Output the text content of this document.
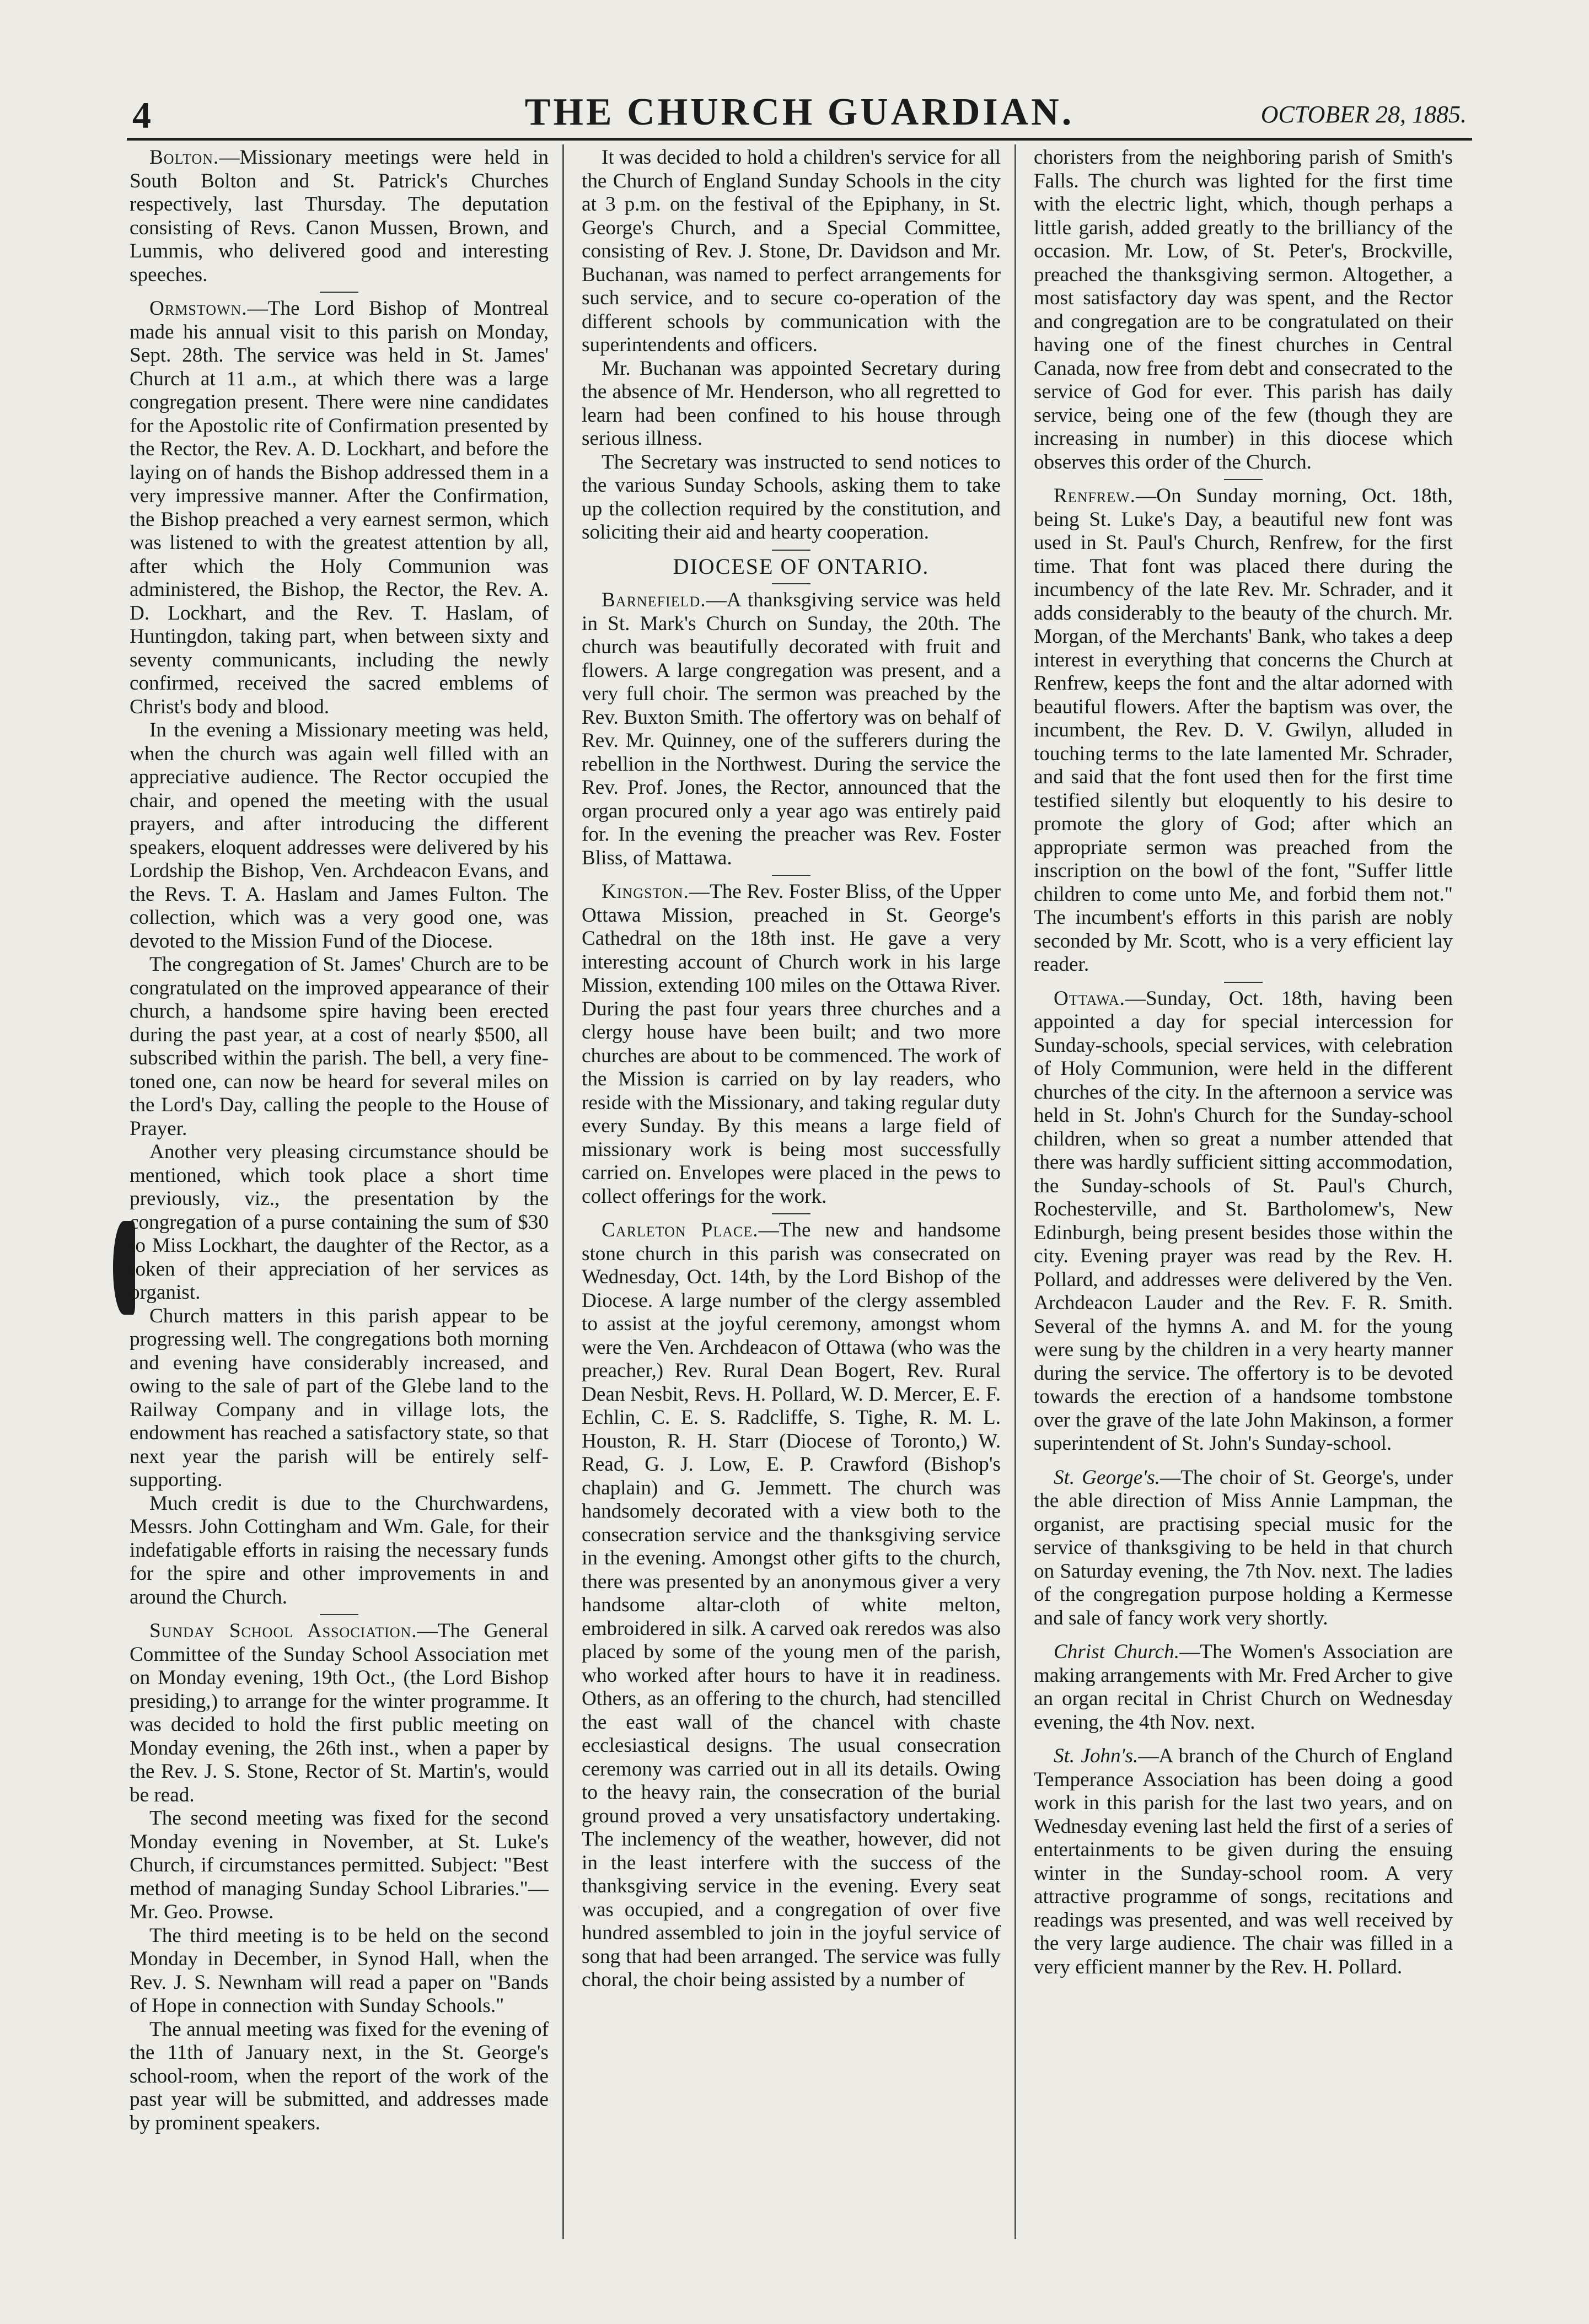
4	THE CHURCH GUARDIAN.	OCTOBER 28, 1885.

Bolton.—Missionary meetings were held in South Bolton and St. Patrick's Churches respectively, last Thursday. The deputation consisting of Revs. Canon Mussen, Brown, and Lummis, who delivered good and interesting speeches.

Ormstown.—The Lord Bishop of Montreal made his annual visit to this parish on Monday, Sept. 28th. The service was held in St. James' Church at 11 a.m., at which there was a large congregation present. There were nine candidates for the Apostolic rite of Confirmation presented by the Rector, the Rev. A. D. Lockhart, and before the laying on of hands the Bishop addressed them in a very impressive manner. After the Confirmation, the Bishop preached a very earnest sermon, which was listened to with the greatest attention by all, after which the Holy Communion was administered, the Bishop, the Rector, the Rev. A. D. Lockhart, and the Rev. T. Haslam, of Huntingdon, taking part, when between sixty and seventy communicants, including the newly confirmed, received the sacred emblems of Christ's body and blood.

In the evening a Missionary meeting was held, when the church was again well filled with an appreciative audience. The Rector occupied the chair, and opened the meeting with the usual prayers, and after introducing the different speakers, eloquent addresses were delivered by his Lordship the Bishop, Ven. Archdeacon Evans, and the Revs. T. A. Haslam and James Fulton. The collection, which was a very good one, was devoted to the Mission Fund of the Diocese.

The congregation of St. James' Church are to be congratulated on the improved appearance of their church, a handsome spire having been erected during the past year, at a cost of nearly $500, all subscribed within the parish. The bell, a very fine-toned one, can now be heard for several miles on the Lord's Day, calling the people to the House of Prayer.

Another very pleasing circumstance should be mentioned, which took place a short time previously, viz., the presentation by the congregation of a purse containing the sum of $30 to Miss Lockhart, the daughter of the Rector, as a token of their appreciation of her services as organist.

Church matters in this parish appear to be progressing well. The congregations both morning and evening have considerably increased, and owing to the sale of part of the Glebe land to the Railway Company and in village lots, the endowment has reached a satisfactory state, so that next year the parish will be entirely self-supporting.

Much credit is due to the Churchwardens, Messrs. John Cottingham and Wm. Gale, for their indefatigable efforts in raising the necessary funds for the spire and other improvements in and around the Church.

Sunday School Association.—The General Committee of the Sunday School Association met on Monday evening, 19th Oct., (the Lord Bishop presiding,) to arrange for the winter programme. It was decided to hold the first public meeting on Monday evening, the 26th inst., when a paper by the Rev. J. S. Stone, Rector of St. Martin's, would be read.

The second meeting was fixed for the second Monday evening in November, at St. Luke's Church, if circumstances permitted. Subject: "Best method of managing Sunday School Libraries."—Mr. Geo. Prowse.

The third meeting is to be held on the second Monday in December, in Synod Hall, when the Rev. J. S. Newnham will read a paper on "Bands of Hope in connection with Sunday Schools."

The annual meeting was fixed for the evening of the 11th of January next, in the St. George's school-room, when the report of the work of the past year will be submitted, and addresses made by prominent speakers.

It was decided to hold a children's service for all the Church of England Sunday Schools in the city at 3 p.m. on the festival of the Epiphany, in St. George's Church, and a Special Committee, consisting of Rev. J. Stone, Dr. Davidson and Mr. Buchanan, was named to perfect arrangements for such service, and to secure co-operation of the different schools by communication with the superintendents and officers.

Mr. Buchanan was appointed Secretary during the absence of Mr. Henderson, who all regretted to learn had been confined to his house through serious illness.

The Secretary was instructed to send notices to the various Sunday Schools, asking them to take up the collection required by the constitution, and soliciting their aid and hearty cooperation.

DIOCESE OF ONTARIO.

Barnefield.—A thanksgiving service was held in St. Mark's Church on Sunday, the 20th. The church was beautifully decorated with fruit and flowers. A large congregation was present, and a very full choir. The sermon was preached by the Rev. Buxton Smith. The offertory was on behalf of Rev. Mr. Quinney, one of the sufferers during the rebellion in the Northwest. During the service the Rev. Prof. Jones, the Rector, announced that the organ procured only a year ago was entirely paid for. In the evening the preacher was Rev. Foster Bliss, of Mattawa.

Kingston.—The Rev. Foster Bliss, of the Upper Ottawa Mission, preached in St. George's Cathedral on the 18th inst. He gave a very interesting account of Church work in his large Mission, extending 100 miles on the Ottawa River. During the past four years three churches and a clergy house have been built; and two more churches are about to be commenced. The work of the Mission is carried on by lay readers, who reside with the Missionary, and taking regular duty every Sunday. By this means a large field of missionary work is being most successfully carried on. Envelopes were placed in the pews to collect offerings for the work.

Carleton Place.—The new and handsome stone church in this parish was consecrated on Wednesday, Oct. 14th, by the Lord Bishop of the Diocese. A large number of the clergy assembled to assist at the joyful ceremony, amongst whom were the Ven. Archdeacon of Ottawa (who was the preacher,) Rev. Rural Dean Bogert, Rev. Rural Dean Nesbit, Revs. H. Pollard, W. D. Mercer, E. F. Echlin, C. E. S. Radcliffe, S. Tighe, R. M. L. Houston, R. H. Starr (Diocese of Toronto,) W. Read, G. J. Low, E. P. Crawford (Bishop's chaplain) and G. Jemmett. The church was handsomely decorated with a view both to the consecration service and the thanksgiving service in the evening. Amongst other gifts to the church, there was presented by an anonymous giver a very handsome altar-cloth of white melton, embroidered in silk. A carved oak reredos was also placed by some of the young men of the parish, who worked after hours to have it in readiness. Others, as an offering to the church, had stencilled the east wall of the chancel with chaste ecclesiastical designs. The usual consecration ceremony was carried out in all its details. Owing to the heavy rain, the consecration of the burial ground proved a very unsatisfactory undertaking. The inclemency of the weather, however, did not in the least interfere with the success of the thanksgiving service in the evening. Every seat was occupied, and a congregation of over five hundred assembled to join in the joyful service of song that had been arranged. The service was fully choral, the choir being assisted by a number of

choristers from the neighboring parish of Smith's Falls. The church was lighted for the first time with the electric light, which, though perhaps a little garish, added greatly to the brilliancy of the occasion. Mr. Low, of St. Peter's, Brockville, preached the thanksgiving sermon. Altogether, a most satisfactory day was spent, and the Rector and congregation are to be congratulated on their having one of the finest churches in Central Canada, now free from debt and consecrated to the service of God for ever. This parish has daily service, being one of the few (though they are increasing in number) in this diocese which observes this order of the Church.

Renfrew.—On Sunday morning, Oct. 18th, being St. Luke's Day, a beautiful new font was used in St. Paul's Church, Renfrew, for the first time. That font was placed there during the incumbency of the late Rev. Mr. Schrader, and it adds considerably to the beauty of the church. Mr. Morgan, of the Merchants' Bank, who takes a deep interest in everything that concerns the Church at Renfrew, keeps the font and the altar adorned with beautiful flowers. After the baptism was over, the incumbent, the Rev. D. V. Gwilyn, alluded in touching terms to the late lamented Mr. Schrader, and said that the font used then for the first time testified silently but eloquently to his desire to promote the glory of God; after which an appropriate sermon was preached from the inscription on the bowl of the font, "Suffer little children to come unto Me, and forbid them not." The incumbent's efforts in this parish are nobly seconded by Mr. Scott, who is a very efficient lay reader.

Ottawa.—Sunday, Oct. 18th, having been appointed a day for special intercession for Sunday-schools, special services, with celebration of Holy Communion, were held in the different churches of the city. In the afternoon a service was held in St. John's Church for the Sunday-school children, when so great a number attended that there was hardly sufficient sitting accommodation, the Sunday-schools of St. Paul's Church, Rochesterville, and St. Bartholomew's, New Edinburgh, being present besides those within the city. Evening prayer was read by the Rev. H. Pollard, and addresses were delivered by the Ven. Archdeacon Lauder and the Rev. F. R. Smith. Several of the hymns A. and M. for the young were sung by the children in a very hearty manner during the service. The offertory is to be devoted towards the erection of a handsome tombstone over the grave of the late John Makinson, a former superintendent of St. John's Sunday-school.

St. George's.—The choir of St. George's, under the able direction of Miss Annie Lampman, the organist, are practising special music for the service of thanksgiving to be held in that church on Saturday evening, the 7th Nov. next. The ladies of the congregation purpose holding a Kermesse and sale of fancy work very shortly.

Christ Church.—The Women's Association are making arrangements with Mr. Fred Archer to give an organ recital in Christ Church on Wednesday evening, the 4th Nov. next.

St. John's.—A branch of the Church of England Temperance Association has been doing a good work in this parish for the last two years, and on Wednesday evening last held the first of a series of entertainments to be given during the ensuing winter in the Sunday-school room. A very attractive programme of songs, recitations and readings was presented, and was well received by the very large audience. The chair was filled in a very efficient manner by the Rev. H. Pollard.
